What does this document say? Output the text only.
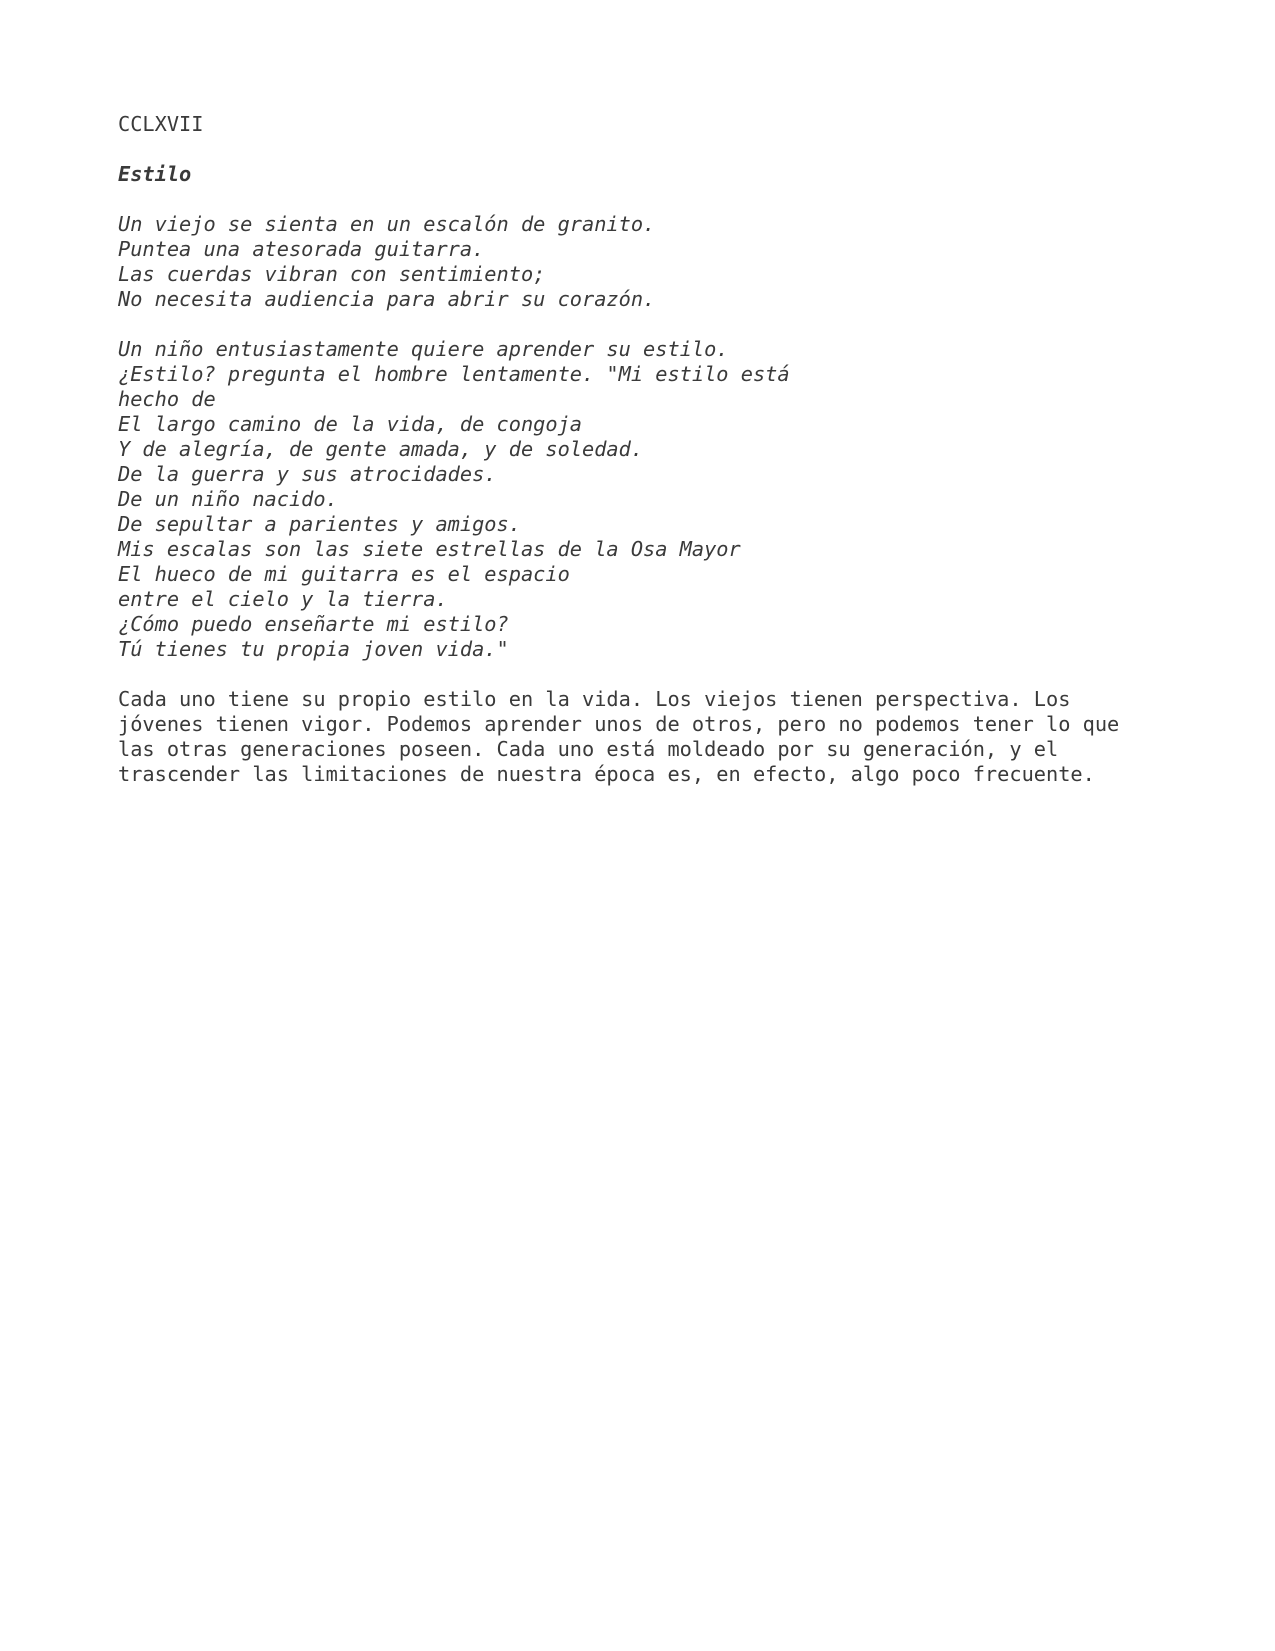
CCLXVII

Estilo

Un viejo se sienta en un escalón de granito.
Puntea una atesorada guitarra.
Las cuerdas vibran con sentimiento;
No necesita audiencia para abrir su corazón.
Un niño entusiastamente quiere aprender su estilo.
¿Estilo? pregunta el hombre lentamente. "Mi estilo está
hecho de
El largo camino de la vida, de congoja
Y de alegría, de gente amada, y de soledad.
De la guerra y sus atrocidades.
De un niño nacido.
De sepultar a parientes y amigos.
Mis escalas son las siete estrellas de la Osa Mayor
El hueco de mi guitarra es el espacio
entre el cielo y la tierra.
¿Cómo puedo enseñarte mi estilo?
Tú tienes tu propia joven vida."
Cada uno tiene su propio estilo en la vida. Los viejos tienen perspectiva. Los
jóvenes tienen vigor. Podemos aprender unos de otros, pero no podemos tener lo que
las otras generaciones poseen. Cada uno está moldeado por su generación, y el
trascender las limitaciones de nuestra época es, en efecto, algo poco frecuente.
